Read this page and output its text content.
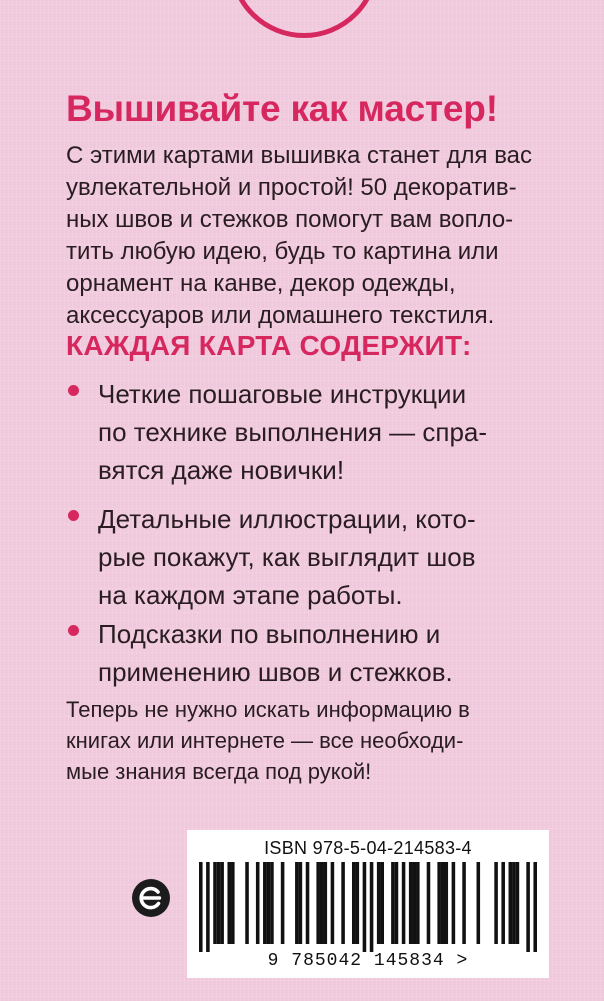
Вышивайте как мастер!
С этими картами вышивка станет для вас
увлекательной и простой! 50 декоратив-
ных швов и стежков помогут вам вопло-
тить любую идею, будь то картина или
орнамент на канве, декор одежды,
аксессуаров или домашнего текстиля.
КАЖДАЯ КАРТА СОДЕРЖИТ:
Четкие пошаговые инструкции
по технике выполнения — спра-
вятся даже новички!
Детальные иллюстрации, кото-
рые покажут, как выглядит шов
на каждом этапе работы.
Подсказки по выполнению и
применению швов и стежков.
Теперь не нужно искать информацию в
книгах или интернете — все необходи-
мые знания всегда под рукой!
ISBN 978-5-04-214583-4
9 785042 145834 >
